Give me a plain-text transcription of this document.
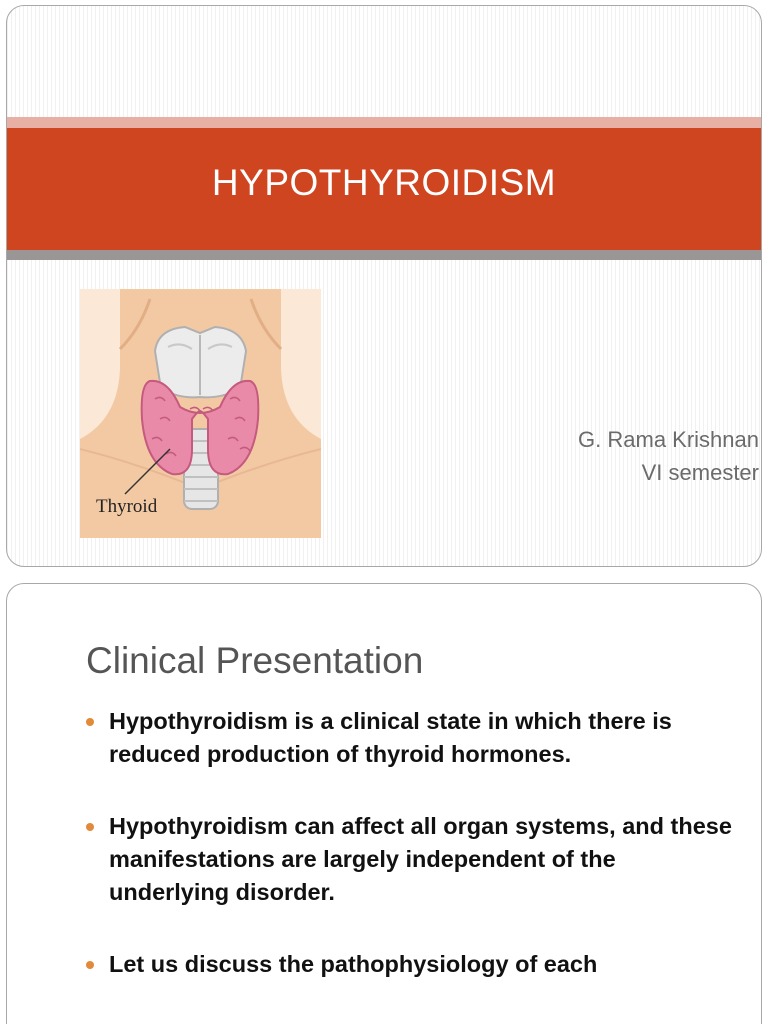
HYPOTHYROIDISM
Thyroid
G. Rama Krishnan
VI semester
Clinical Presentation
Hypothyroidism is a clinical state in which there is reduced production of thyroid hormones.
Hypothyroidism can affect all organ systems, and these manifestations are largely independent of the underlying disorder.
Let us discuss the pathophysiology of each
